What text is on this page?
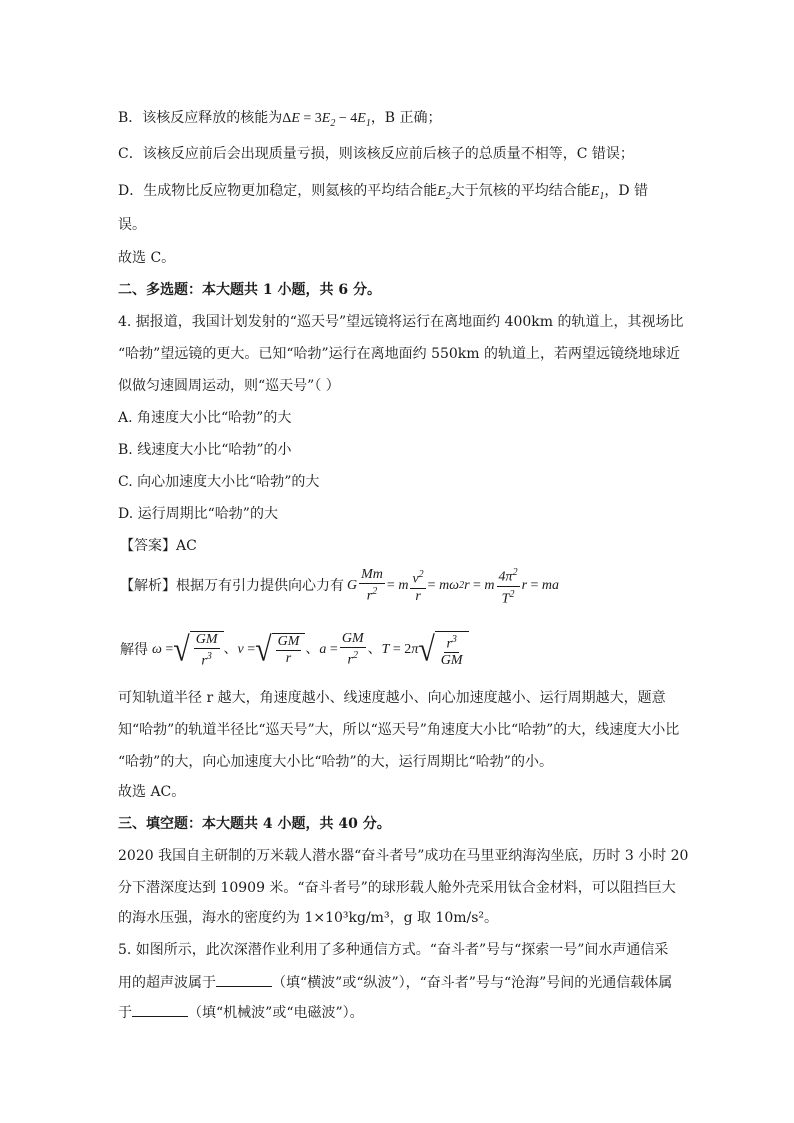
B．该核反应释放的核能为$\Delta E = 3E_2 - 4E_1$，B 正确；
C．该核反应前后会出现质量亏损，则该核反应前后核子的总质量不相等，C 错误；
D．生成物比反应物更加稳定，则氦核的平均结合能$E_2$大于氘核的平均结合能$E_1$，D 错
误。
故选 C。
二、多选题：本大题共 1 小题，共 6 分。
4. 据报道，我国计划发射的“巡天号”望远镜将运行在离地面约 400km 的轨道上，其视场比
“哈勃”望远镜的更大。已知“哈勃”运行在离地面约 550km 的轨道上，若两望远镜绕地球近
似做匀速圆周运动，则“巡天号”（ ）
A. 角速度大小比“哈勃”的大
B. 线速度大小比“哈勃”的小
C. 向心加速度大小比“哈勃”的大
D. 运行周期比“哈勃”的大
【答案】AC
【解析】 根据万有引力提供向心力有 G $\frac{Mm}{r^2} = m \frac{v^2}{r} = m\omega$ 2 r = m $\frac{4\pi^2}{T^2}$ r = ma
解得 ω = √ $\frac{GM}{r^3}$ 、 v = √ $\frac{GM}{r}$ 、 $a = \frac{GM}{r^2}$ 、 T = 2 π √ $\frac{r^3}{GM}$
可知轨道半径 r 越大，角速度越小、线速度越小、向心加速度越小、运行周期越大，题意
知“哈勃”的轨道半径比“巡天号”大，所以“巡天号”角速度大小比“哈勃”的大，线速度大小比
“哈勃”的大，向心加速度大小比“哈勃”的大，运行周期比“哈勃”的小。
故选 AC。
三、填空题：本大题共 4 小题，共 40 分。
2020 我国自主研制的万米载人潜水器“奋斗者号”成功在马里亚纳海沟坐底，历时 3 小时 20
分下潜深度达到 10909 米。“奋斗者号”的球形载人舱外壳采用钛合金材料，可以阻挡巨大
的海水压强，海水的密度约为 1×10³kg/m³，g 取 10m/s²。
5. 如图所示，此次深潜作业利用了多种通信方式。“奋斗者”号与“探索一号”间水声通信采
用的超声波属于	（填“横波”或“纵波”），“奋斗者”号与“沧海”号间的光通信载体属
于	（填“机械波”或“电磁波”）。
